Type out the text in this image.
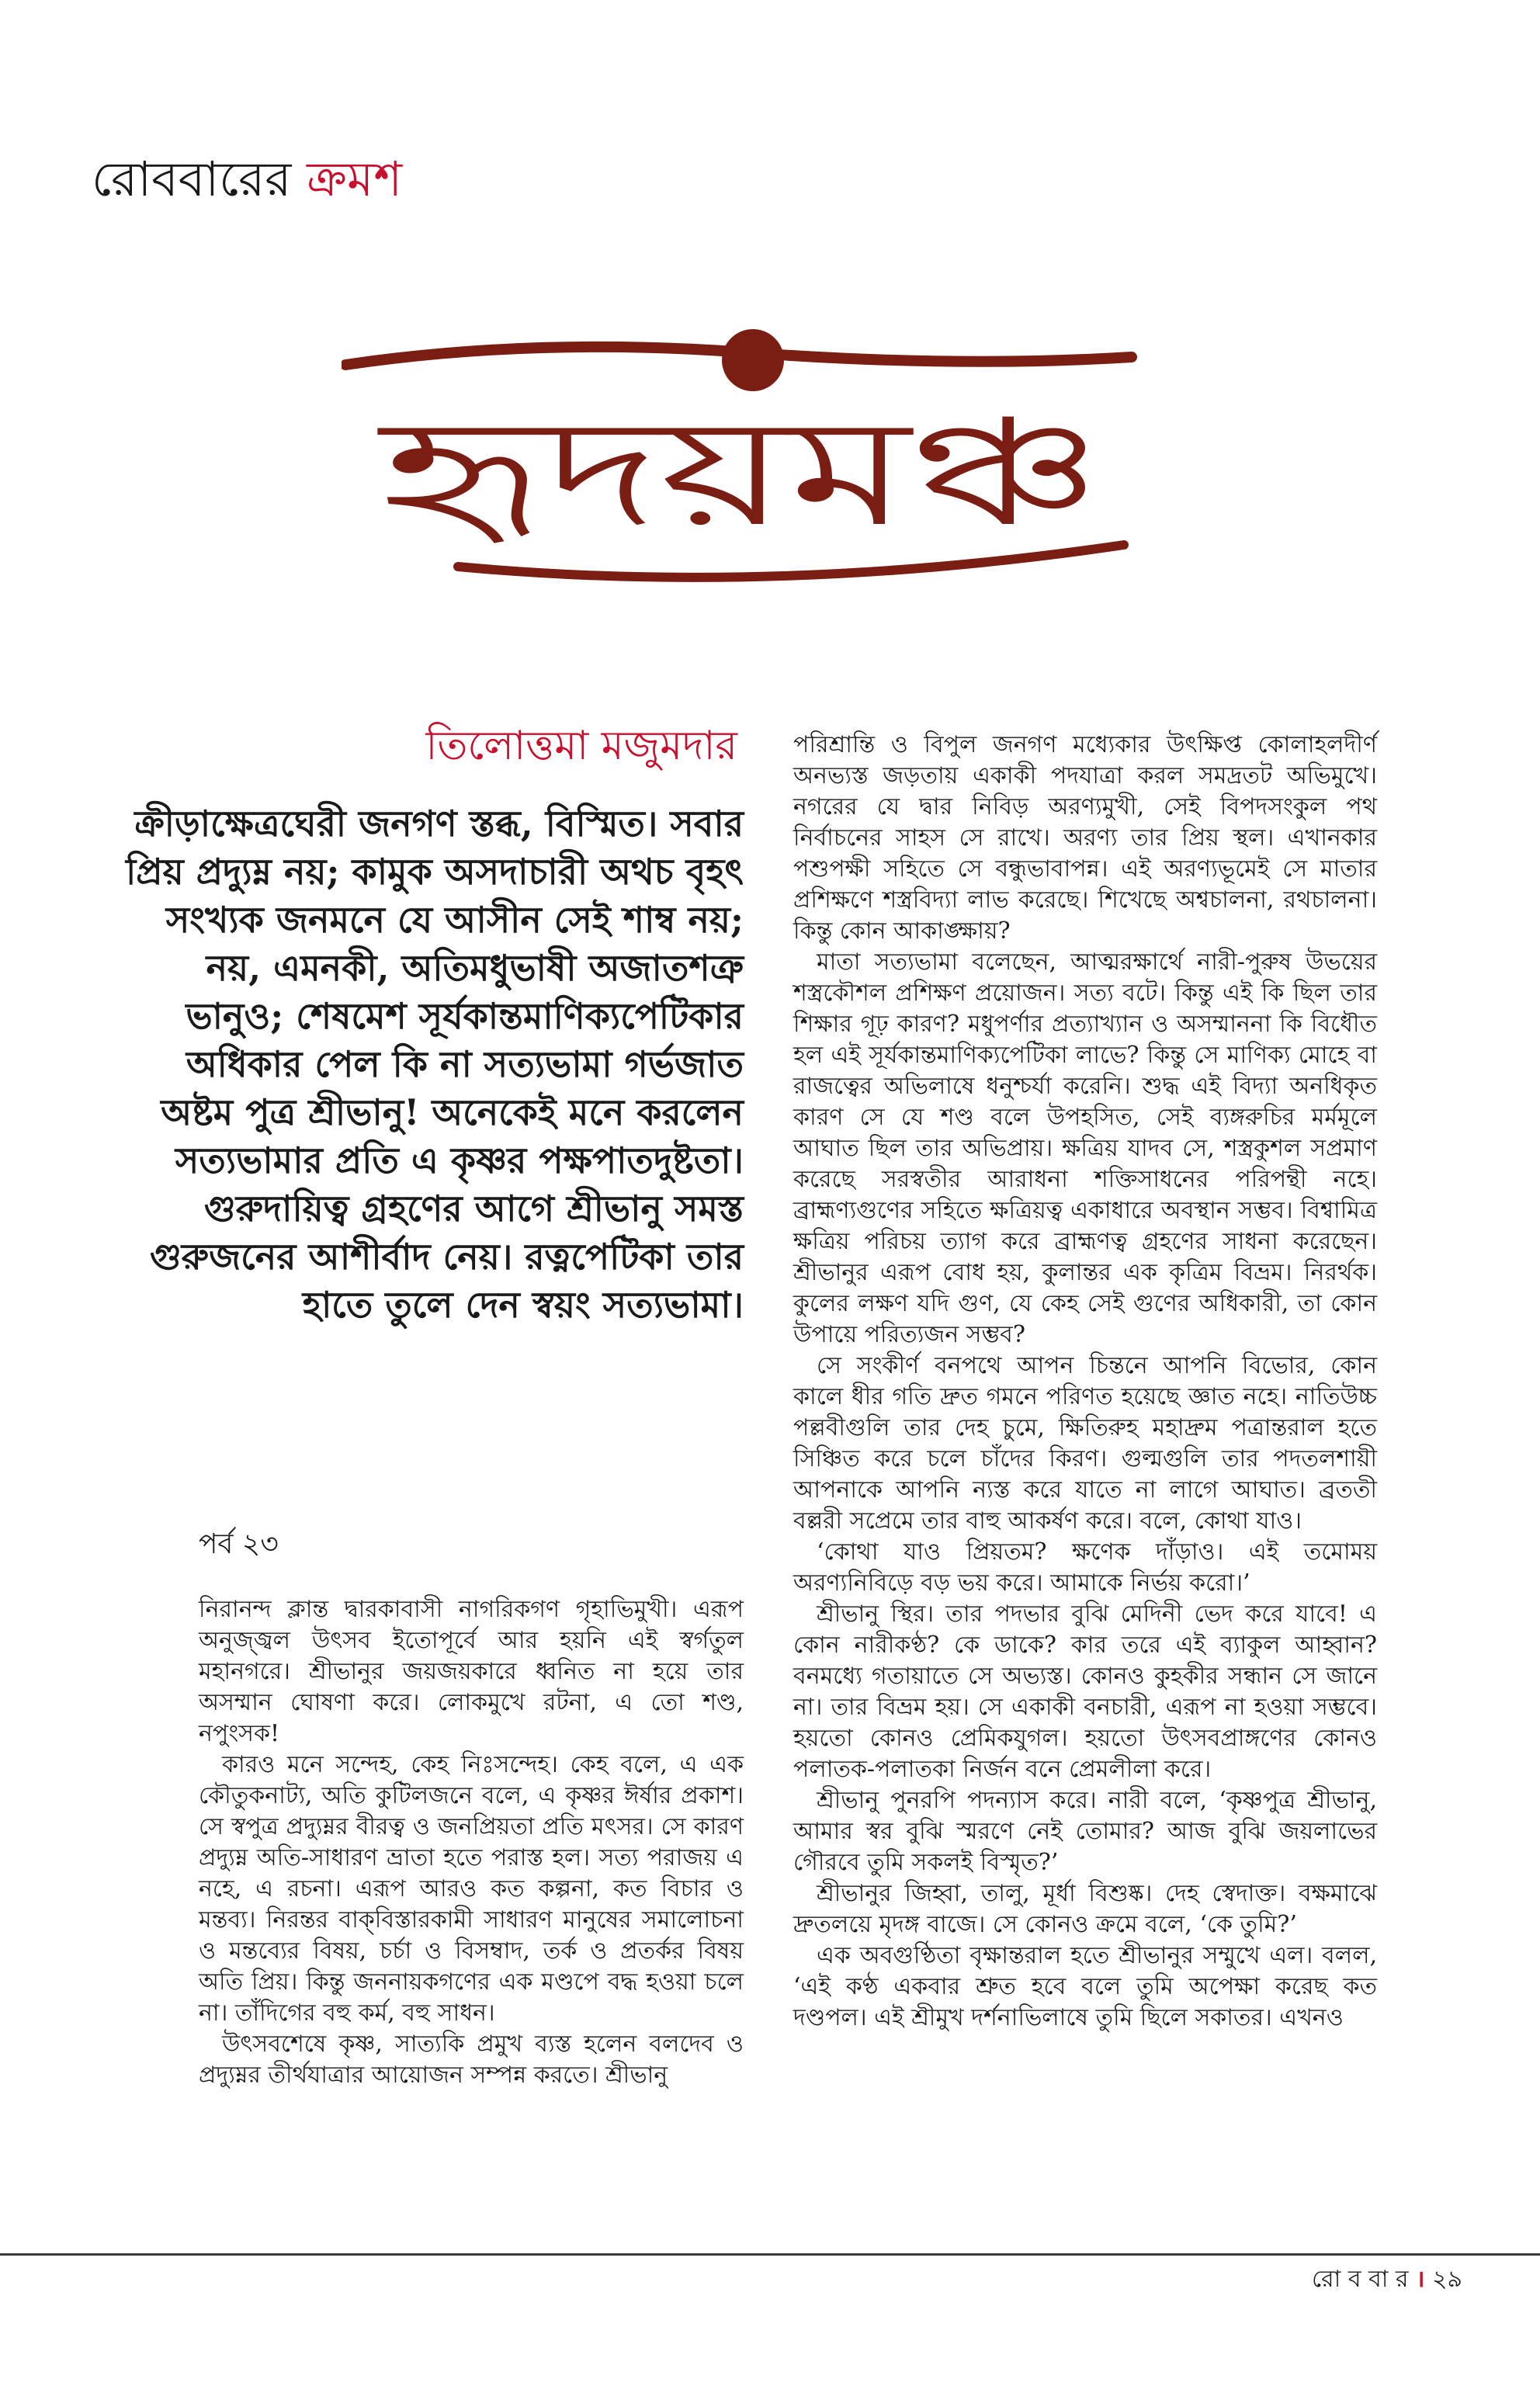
রোববারের ক্রমশ
হৃদয়মঞ্চ
তিলোত্তমা মজুমদার

ক্রীড়াক্ষেত্রঘেরী জনগণ স্তব্ধ, বিস্মিত। সবার প্রিয় প্রদ্যুম্ন নয়; কামুক অসদাচারী অথচ বৃহৎ সংখ্যক জনমনে যে আসীন সেই শাম্ব নয়; নয়, এমনকী, অতিমধুভাষী অজাতশত্রু ভানুও; শেষমেশ সূর্যকান্তমাণিক্যপেটিকার অধিকার পেল কি না সত্যভামা গর্ভজাত অষ্টম পুত্র শ্রীভানু! অনেকেই মনে করলেন সত্যভামার প্রতি এ কৃষ্ণর পক্ষপাতদুষ্টতা। গুরুদায়িত্ব গ্রহণের আগে শ্রীভানু সমস্ত গুরুজনের আশীর্বাদ নেয়। রত্নপেটিকা তার হাতে তুলে দেন স্বয়ং সত্যভামা।

পর্ব ২৩

নিরানন্দ ক্লান্ত দ্বারকাবাসী নাগরিকগণ গৃহাভিমুখী। এরূপ অনুজ্জ্বল উৎসব ইতোপূর্বে আর হয়নি এই স্বর্গতুল মহানগরে। শ্রীভানুর জয়জয়কারে ধ্বনিত না হয়ে তার অসম্মান ঘোষণা করে। লোকমুখে রটনা, এ তো শণ্ড, নপুংসক!

কারও মনে সন্দেহ, কেহ নিঃসন্দেহ। কেহ বলে, এ এক কৌতুকনাট্য, অতি কুটিলজনে বলে, এ কৃষ্ণর ঈর্ষার প্রকাশ। সে স্বপুত্র প্রদ্যুম্নর বীরত্ব ও জনপ্রিয়তা প্রতি মৎসর। সে কারণ প্রদ্যুম্ন অতি-সাধারণ ভ্রাতা হতে পরাস্ত হল। সত্য পরাজয় এ নহে, এ রচনা। এরূপ আরও কত কল্পনা, কত বিচার ও মন্তব্য। নিরন্তর বাক্‌বিস্তারকামী সাধারণ মানুষের সমালোচনা ও মন্তব্যের বিষয়, চর্চা ও বিসম্বাদ, তর্ক ও প্রতর্কর বিষয় অতি প্রিয়। কিন্তু জননায়কগণের এক মণ্ডপে বদ্ধ হওয়া চলে না। তাঁদিগের বহু কর্ম, বহু সাধন।

উৎসবশেষে কৃষ্ণ, সাত্যকি প্রমুখ ব্যস্ত হলেন বলদেব ও প্রদ্যুম্নর তীর্থযাত্রার আয়োজন সম্পন্ন করতে। শ্রীভানু

পরিশ্রান্তি ও বিপুল জনগণ মধ্যেকার উৎক্ষিপ্ত কোলাহলদীর্ণ অনভ্যস্ত জড়তায় একাকী পদযাত্রা করল সমদ্রতট অভিমুখে। নগরের যে দ্বার নিবিড় অরণ্যমুখী, সেই বিপদসংকুল পথ নির্বাচনের সাহস সে রাখে। অরণ্য তার প্রিয় স্থল। এখানকার পশুপক্ষী সহিতে সে বন্ধুভাবাপন্ন। এই অরণ্যভূমেই সে মাতার প্রশিক্ষণে শস্ত্রবিদ্যা লাভ করেছে। শিখেছে অশ্বচালনা, রথচালনা। কিন্তু কোন আকাঙ্ক্ষায়?

মাতা সত্যভামা বলেছেন, আত্মরক্ষার্থে নারী-পুরুষ উভয়ের শস্ত্রকৌশল প্রশিক্ষণ প্রয়োজন। সত্য বটে। কিন্তু এই কি ছিল তার শিক্ষার গূঢ় কারণ? মধুপর্ণার প্রত্যাখ্যান ও অসম্মাননা কি বিধৌত হল এই সূর্যকান্তমাণিক্যপেটিকা লাভে? কিন্তু সে মাণিক্য মোহে বা রাজত্বের অভিলাষে ধনুশ্চর্যা করেনি। শুদ্ধ এই বিদ্যা অনধিকৃত কারণ সে যে শণ্ড বলে উপহসিত, সেই ব্যঙ্গরুচির মর্মমূলে আঘাত ছিল তার অভিপ্রায়। ক্ষত্রিয় যাদব সে, শস্ত্রকুশল সপ্রমাণ করেছে সরস্বতীর আরাধনা শক্তিসাধনের পরিপন্থী নহে। ব্রাহ্মণ্যগুণের সহিতে ক্ষত্রিয়ত্ব একাধারে অবস্থান সম্ভব। বিশ্বামিত্র ক্ষত্রিয় পরিচয় ত্যাগ করে ব্রাহ্মণত্ব গ্রহণের সাধনা করেছেন। শ্রীভানুর এরূপ বোধ হয়, কুলান্তর এক কৃত্রিম বিভ্রম। নিরর্থক। কুলের লক্ষণ যদি গুণ, যে কেহ সেই গুণের অধিকারী, তা কোন উপায়ে পরিত্যজন সম্ভব?

সে সংকীর্ণ বনপথে আপন চিন্তনে আপনি বিভোর, কোন কালে ধীর গতি দ্রুত গমনে পরিণত হয়েছে জ্ঞাত নহে। নাতিউচ্চ পল্লবীগুলি তার দেহ চুমে, ক্ষিতিরুহ মহাদ্রুম পত্রান্তরাল হতে সিঞ্চিত করে চলে চাঁদের কিরণ। গুল্মগুলি তার পদতলশায়ী আপনাকে আপনি ন্যস্ত করে যাতে না লাগে আঘাত। ব্রততী বল্লরী সপ্রেমে তার বাহু আকর্ষণ করে। বলে, কোথা যাও।

‘কোথা যাও প্রিয়তম? ক্ষণেক দাঁড়াও। এই তমোময় অরণ্যনিবিড়ে বড় ভয় করে। আমাকে নির্ভয় করো।’

শ্রীভানু স্থির। তার পদভার বুঝি মেদিনী ভেদ করে যাবে! এ কোন নারীকণ্ঠ? কে ডাকে? কার তরে এই ব্যাকুল আহ্বান? বনমধ্যে গতায়াতে সে অভ্যস্ত। কোনও কুহকীর সন্ধান সে জানে না। তার বিভ্রম হয়। সে একাকী বনচারী, এরূপ না হওয়া সম্ভবে। হয়তো কোনও প্রেমিকযুগল। হয়তো উৎসবপ্রাঙ্গণের কোনও পলাতক-পলাতকা নির্জন বনে প্রেমলীলা করে।

শ্রীভানু পুনরপি পদন্যাস করে। নারী বলে, ‘কৃষ্ণপুত্র শ্রীভানু, আমার স্বর বুঝি স্মরণে নেই তোমার? আজ বুঝি জয়লাভের গৌরবে তুমি সকলই বিস্মৃত?’

শ্রীভানুর জিহ্বা, তালু, মূর্ধা বিশুষ্ক। দেহ স্বেদাক্ত। বক্ষমাঝে দ্রুতলয়ে মৃদঙ্গ বাজে। সে কোনও ক্রমে বলে, ‘কে তুমি?’

এক অবগুণ্ঠিতা বৃক্ষান্তরাল হতে শ্রীভানুর সম্মুখে এল। বলল, ‘এই কণ্ঠ একবার শ্রুত হবে বলে তুমি অপেক্ষা করেছ কত দণ্ডপল। এই শ্রীমুখ দর্শনাভিলাষে তুমি ছিলে সকাতর। এখনও

রো ব বা র । ২৯
